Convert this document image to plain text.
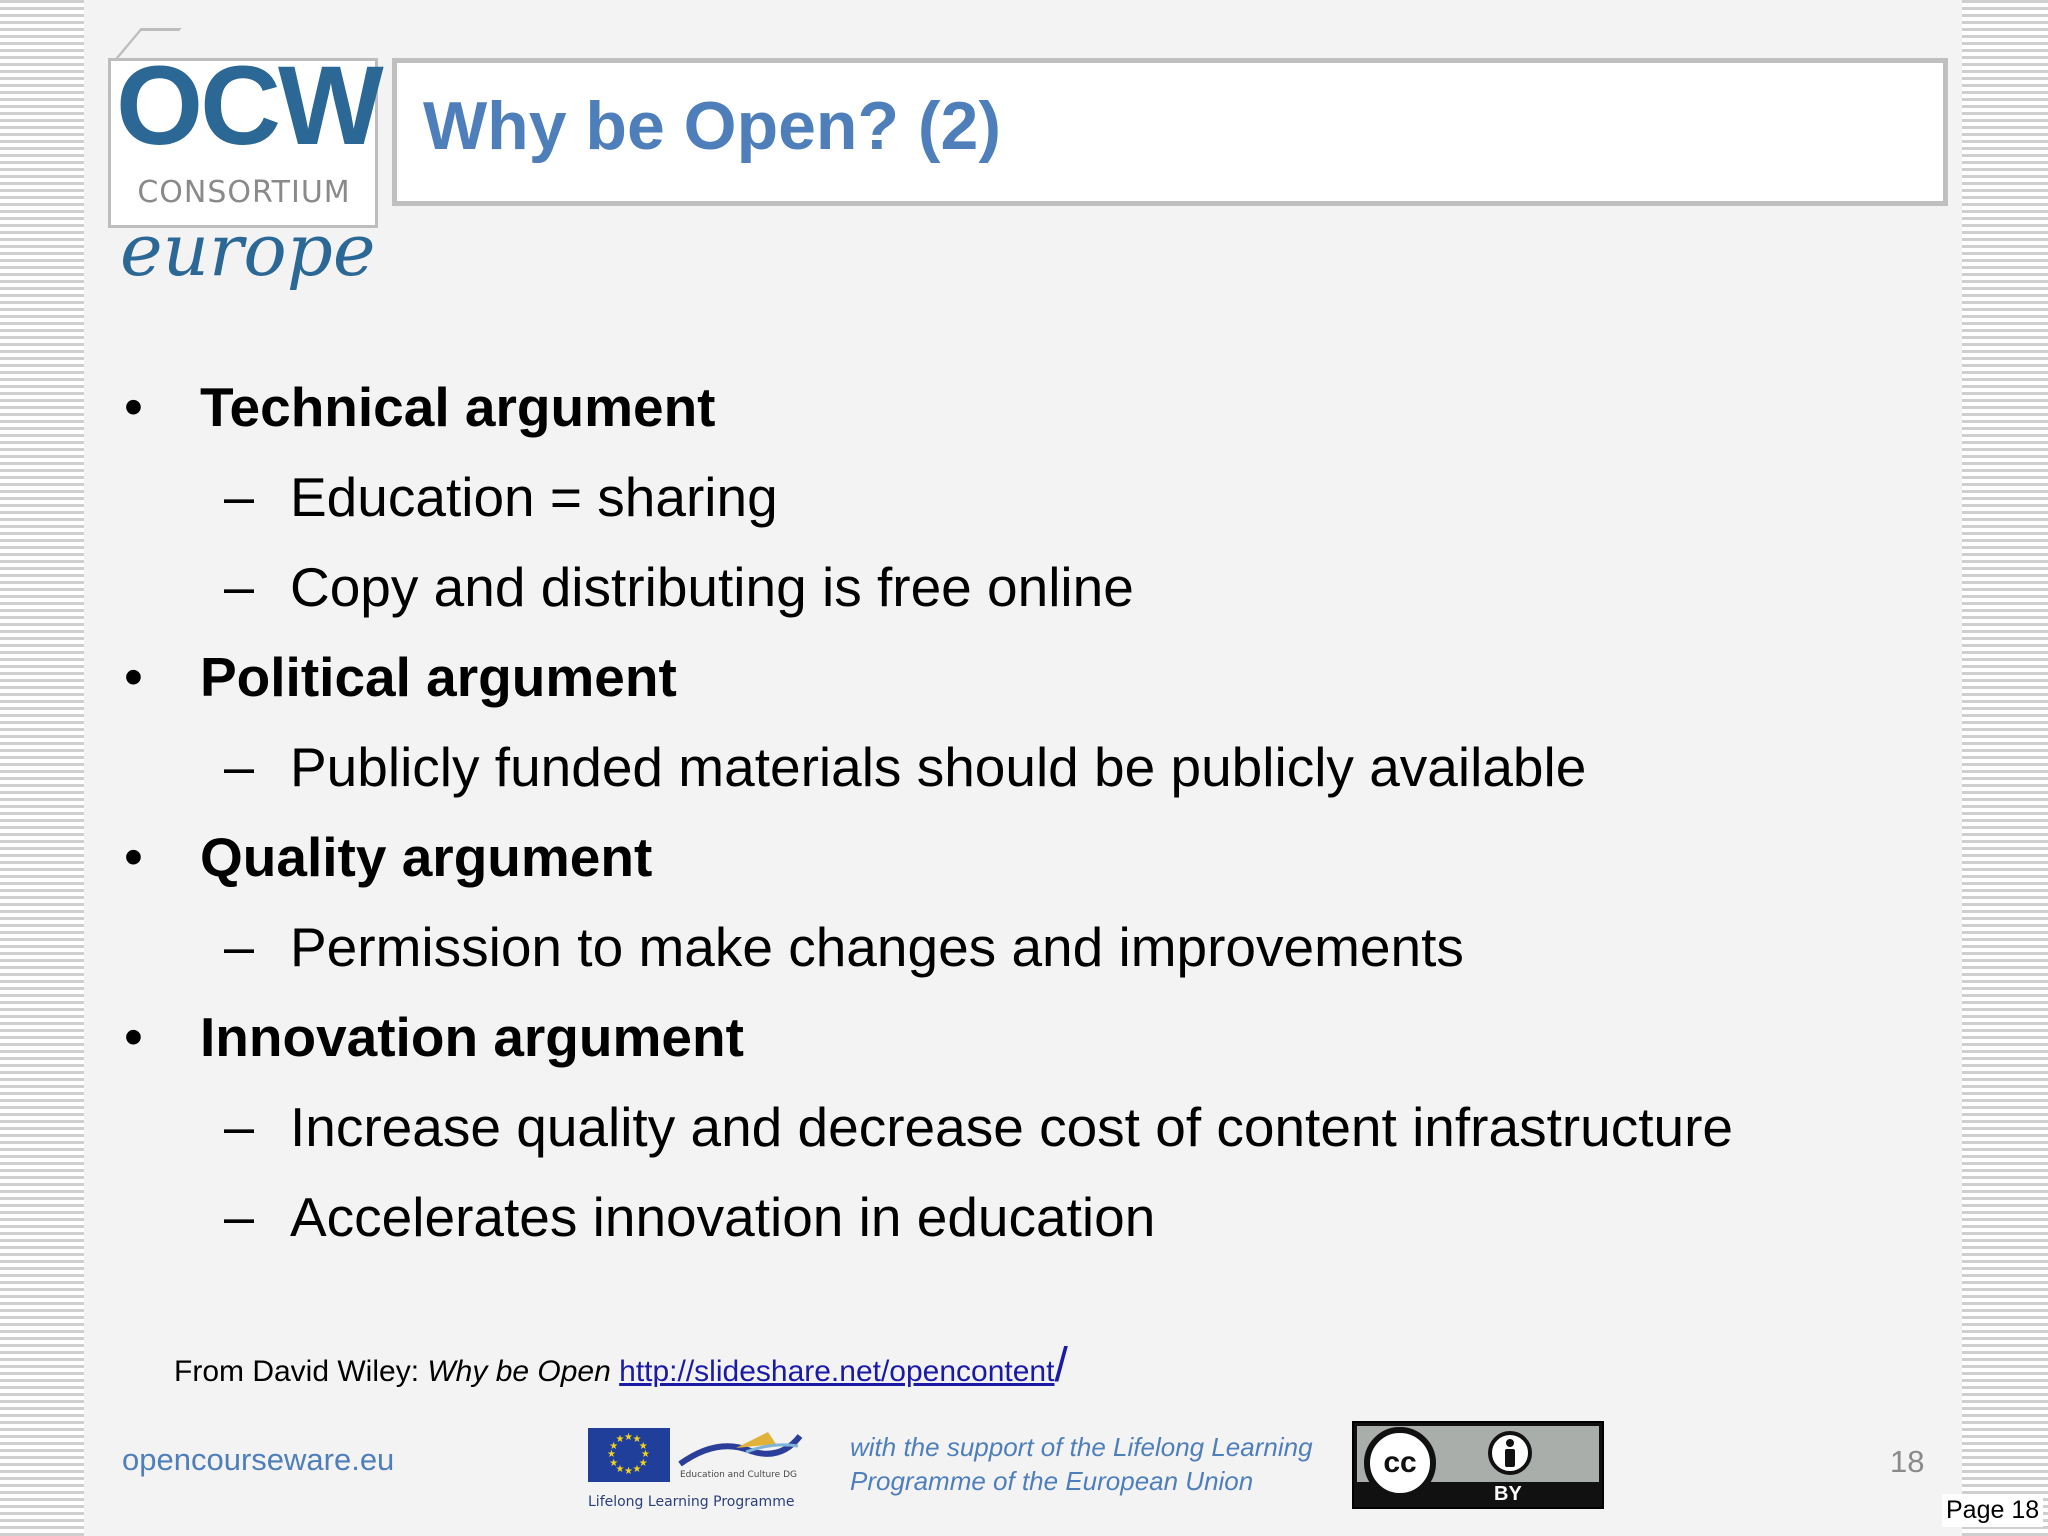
OCW
CONSORTIUM
europe
Why be Open? (2)
• Technical argument
– Education = sharing
– Copy and distributing is free online
• Political argument
– Publicly funded materials should be publicly available
• Quality argument
– Permission to make changes and improvements
• Innovation argument
– Increase quality and decrease cost of content infrastructure
– Accelerates innovation in education
From David Wiley: Why be Open http://slideshare.net/opencontent/
opencourseware.eu	★
★
★
★
★
★
★
★
★ ★ ★
★
Education and Culture DG
Lifelong Learning Programme
with the support of the Lifelong Learning
Programme of the European Union
cc
BY
18
Page 18
